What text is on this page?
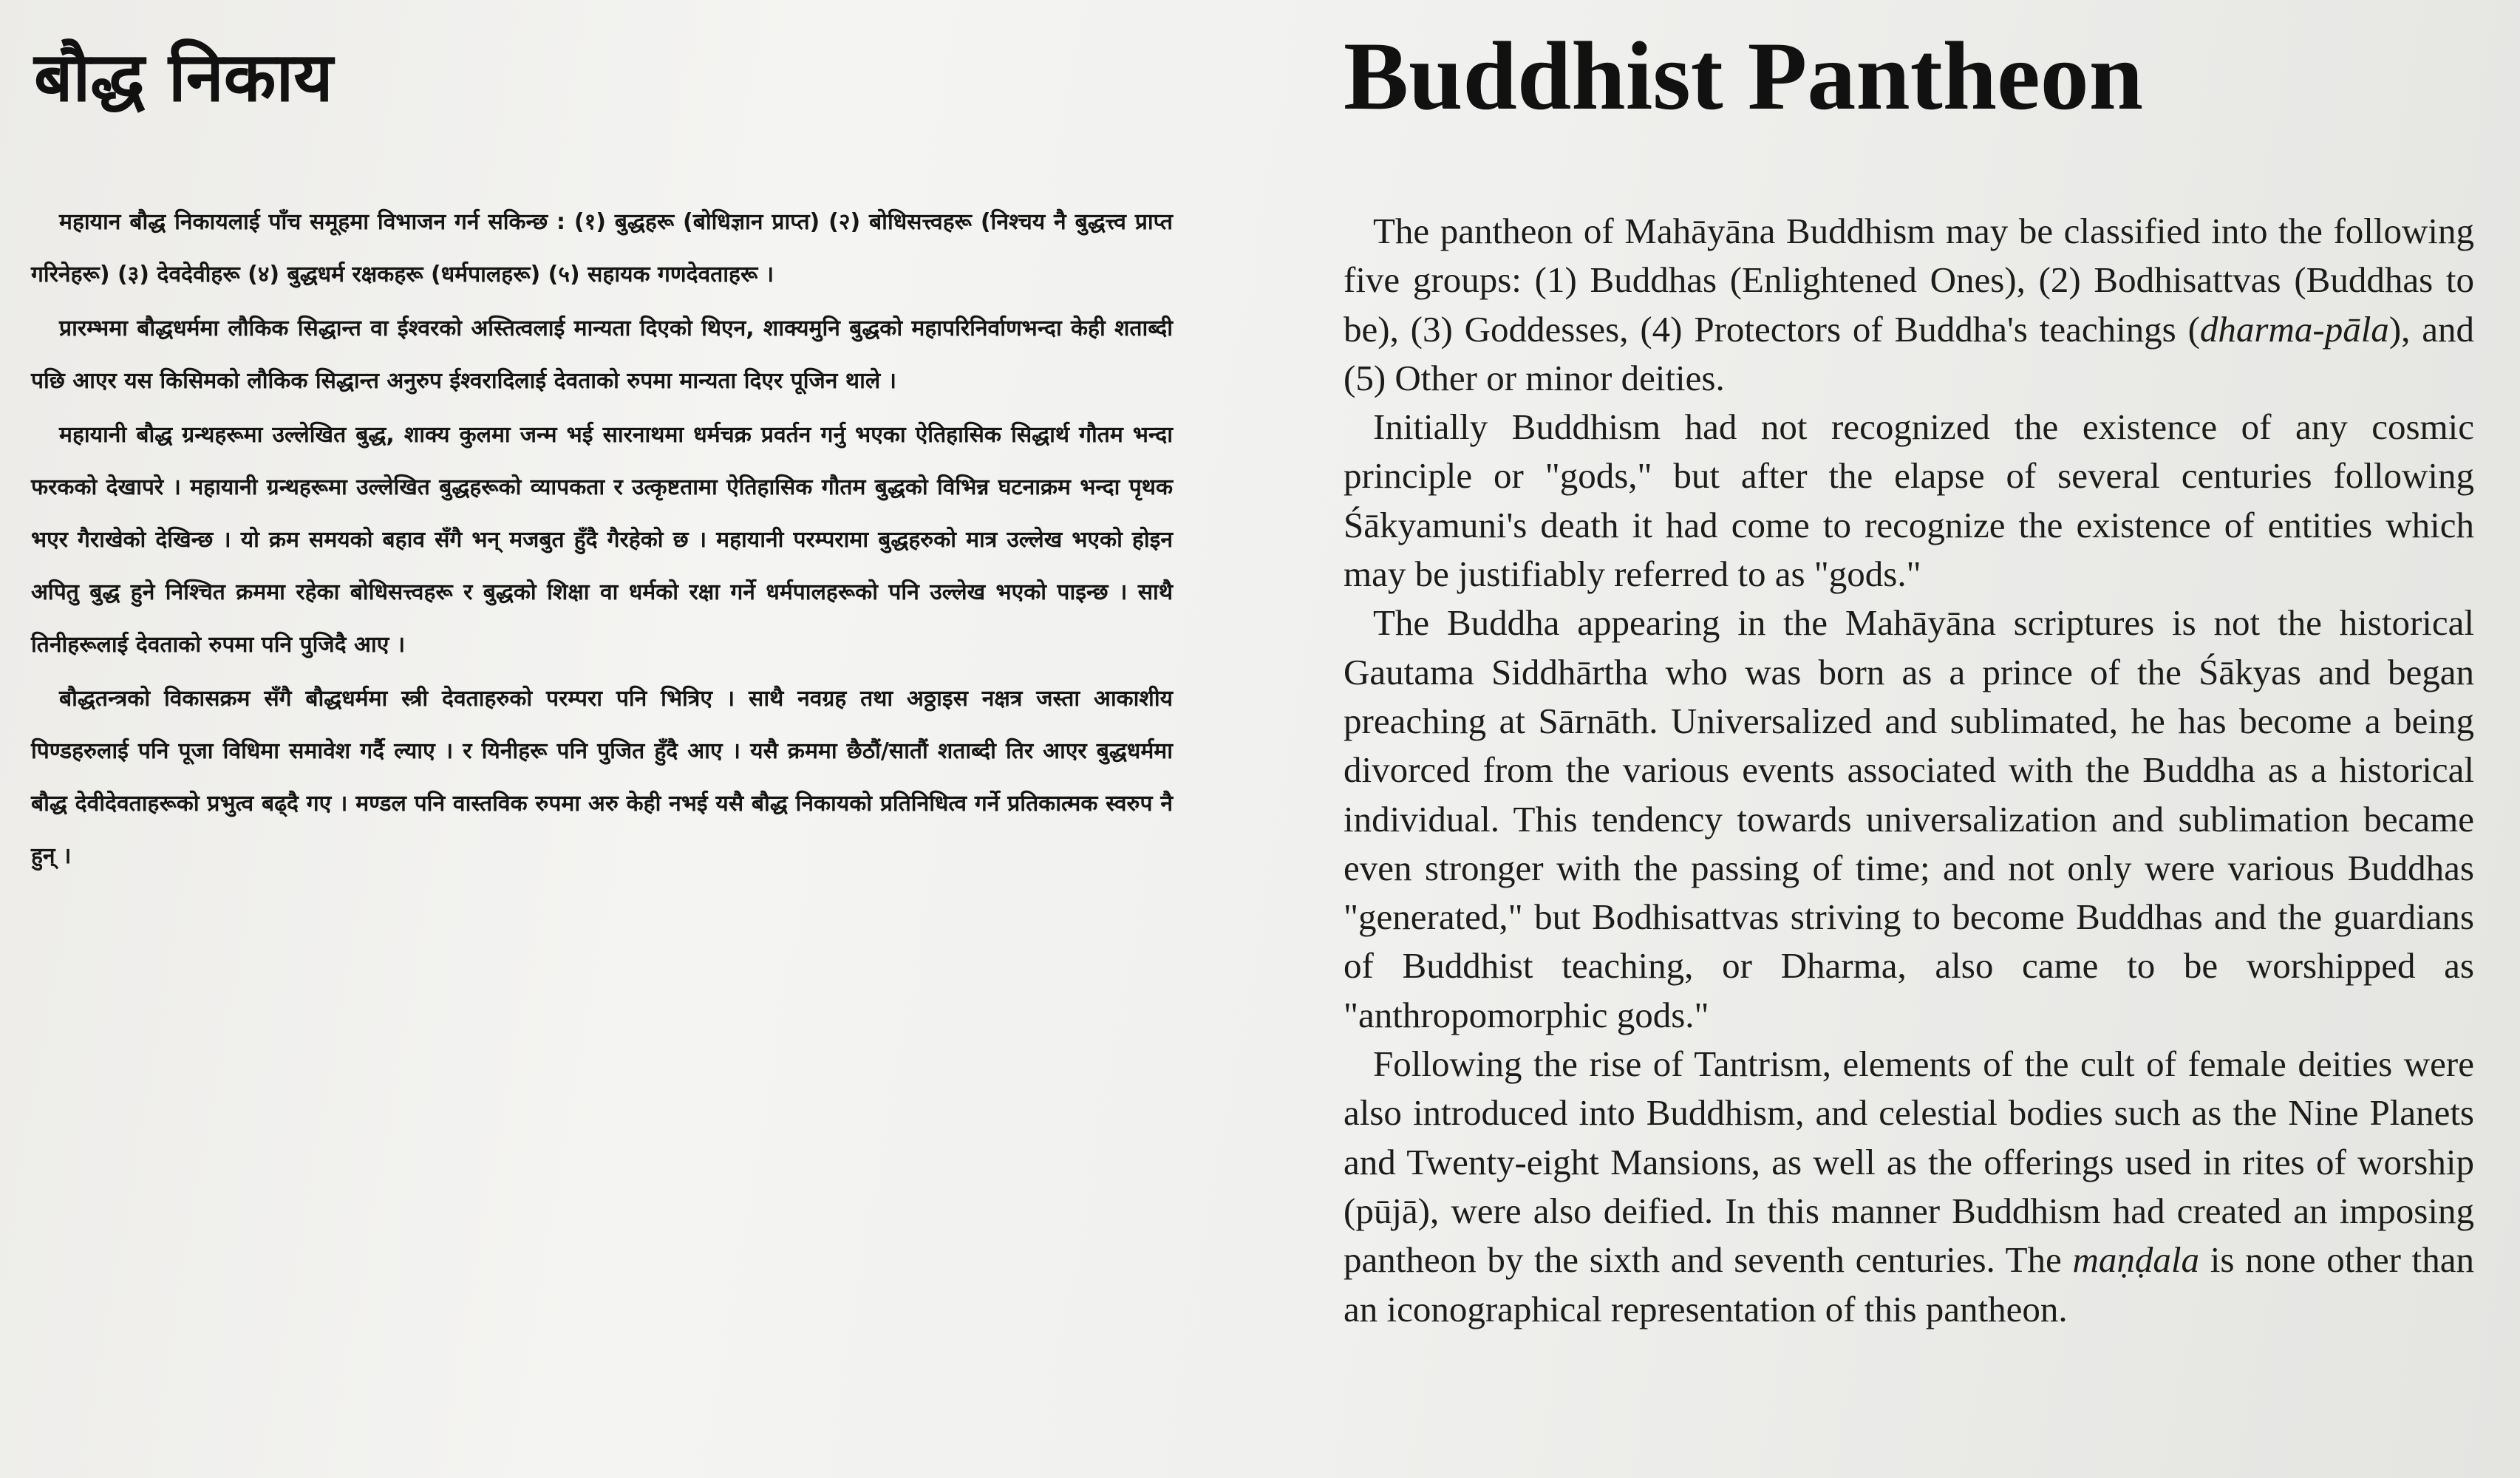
बौद्ध निकाय

महायान बौद्ध निकायलाई पाँच समूहमा विभाजन गर्न सकिन्छ : (१) बुद्धहरू (बोधिज्ञान प्राप्त) (२) बोधिसत्त्वहरू (निश्चय नै बुद्धत्त्व प्राप्त गरिनेहरू) (३) देवदेवीहरू (४) बुद्धधर्म रक्षकहरू (धर्मपालहरू) (५) सहायक गणदेवताहरू ।

प्रारम्भमा बौद्धधर्ममा लौकिक सिद्धान्त वा ईश्वरको अस्तित्वलाई मान्यता दिएको थिएन, शाक्यमुनि बुद्धको महापरिनिर्वाणभन्दा केही शताब्दी पछि आएर यस किसिमको लौकिक सिद्धान्त अनुरुप ईश्वरादिलाई देवताको रुपमा मान्यता दिएर पूजिन थाले ।

महायानी बौद्ध ग्रन्थहरूमा उल्लेखित बुद्ध, शाक्य कुलमा जन्म भई सारनाथमा धर्मचक्र प्रवर्तन गर्नु भएका ऐतिहासिक सिद्धार्थ गौतम भन्दा फरकको देखापरे । महायानी ग्रन्थहरूमा उल्लेखित बुद्धहरूको व्यापकता र उत्कृष्टतामा ऐतिहासिक गौतम बुद्धको विभिन्न घटनाक्रम भन्दा पृथक भएर गैराखेको देखिन्छ । यो क्रम समयको बहाव सँगै भन् मजबुत हुँदै गैरहेको छ । महायानी परम्परामा बुद्धहरुको मात्र उल्लेख भएको होइन अपितु बुद्ध हुने निश्चित क्रममा रहेका बोधिसत्त्वहरू र बुद्धको शिक्षा वा धर्मको रक्षा गर्ने धर्मपालहरूको पनि उल्लेख भएको पाइन्छ । साथै तिनीहरूलाई देवताको रुपमा पनि पुजिदै आए ।

बौद्धतन्त्रको विकासक्रम सँगै बौद्धधर्ममा स्त्री देवताहरुको परम्परा पनि भित्रिए । साथै नवग्रह तथा अठ्ठाइस नक्षत्र जस्ता आकाशीय पिण्डहरुलाई पनि पूजा विधिमा समावेश गर्दै ल्याए । र यिनीहरू पनि पुजित हुँदै आए । यसै क्रममा छैठौं/सातौं शताब्दी तिर आएर बुद्धधर्ममा बौद्ध देवीदेवताहरूको प्रभुत्व बढ्दै गए । मण्डल पनि वास्तविक रुपमा अरु केही नभई यसै बौद्ध निकायको प्रतिनिधित्व गर्ने प्रतिकात्मक स्वरुप नै हुन् ।

Buddhist Pantheon

The pantheon of Mahāyāna Buddhism may be classified into the following five groups: (1) Buddhas (Enlightened Ones), (2) Bodhisattvas (Buddhas to be), (3) Goddesses, (4) Protectors of Buddha's teachings (dharma-pāla), and (5) Other or minor deities.

Initially Buddhism had not recognized the existence of any cosmic principle or "gods," but after the elapse of several centuries following Śākyamuni's death it had come to recognize the existence of entities which may be justifiably referred to as "gods."

The Buddha appearing in the Mahāyāna scriptures is not the historical Gautama Siddhārtha who was born as a prince of the Śākyas and began preaching at Sārnāth. Universalized and sublimated, he has become a being divorced from the various events associated with the Buddha as a historical individual. This tendency towards universalization and sublimation became even stronger with the passing of time; and not only were various Buddhas "generated," but Bodhisattvas striving to become Buddhas and the guardians of Buddhist teaching, or Dharma, also came to be worshipped as "anthropomorphic gods."

Following the rise of Tantrism, elements of the cult of female deities were also introduced into Buddhism, and celestial bodies such as the Nine Planets and Twenty-eight Mansions, as well as the offerings used in rites of worship (pūjā), were also deified. In this manner Buddhism had created an imposing pantheon by the sixth and seventh centuries. The maṇḍala is none other than an iconographical representation of this pantheon.
